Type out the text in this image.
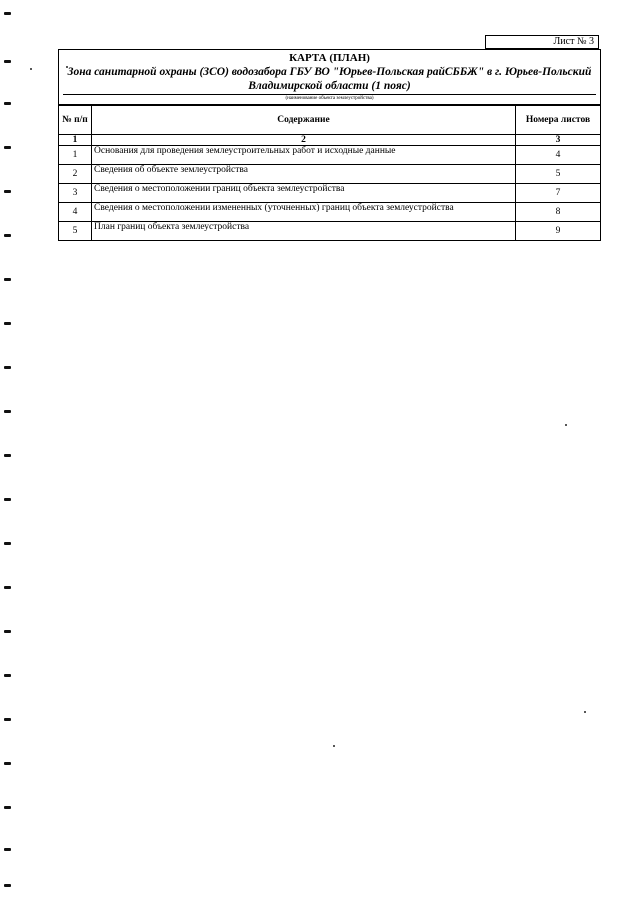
Лист № 3
КАРТА (ПЛАН)
Зона санитарной охраны (ЗСО) водозабора ГБУ ВО "Юрьев-Польская райСББЖ" в г. Юрьев-Польский Владимирской области (1 пояс)
(наименование объекта землеустройства)
№ п/п	Содержание	Номера листов
1	2	3
1	Основания для проведения землеустроительных работ и исходные данные	4
2	Сведения об объекте землеустройства	5
3	Сведения о местоположении границ объекта землеустройства	7
4	Сведения о местоположении измененных (уточненных) границ объекта землеустройства	8
5	План границ объекта землеустройства	9
